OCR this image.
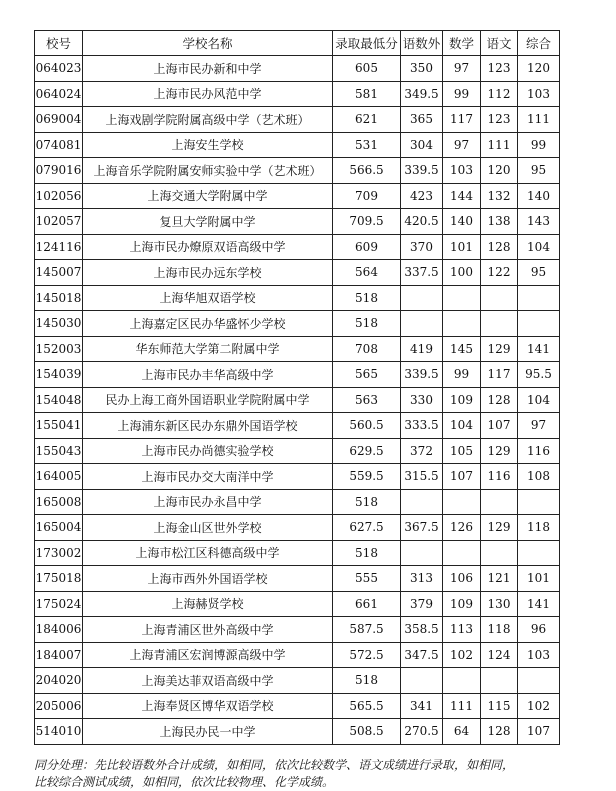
校号	学校名称	录取最低分	语数外	数学	语文	综合
064023	上海市民办新和中学	605	350	97	123	120
064024	上海市民办风范中学	581	349.5	99	112	103
069004	上海戏剧学院附属高级中学（艺术班）	621	365	117	123	111
074081	上海安生学校	531	304	97	111	99
079016	上海音乐学院附属安师实验中学（艺术班）	566.5	339.5	103	120	95
102056	上海交通大学附属中学	709	423	144	132	140
102057	复旦大学附属中学	709.5	420.5	140	138	143
124116	上海市民办燎原双语高级中学	609	370	101	128	104
145007	上海市民办远东学校	564	337.5	100	122	95
145018	上海华旭双语学校	518				
145030	上海嘉定区民办华盛怀少学校	518				
152003	华东师范大学第二附属中学	708	419	145	129	141
154039	上海市民办丰华高级中学	565	339.5	99	117	95.5
154048	民办上海工商外国语职业学院附属中学	563	330	109	128	104
155041	上海浦东新区民办东鼎外国语学校	560.5	333.5	104	107	97
155043	上海市民办尚德实验学校	629.5	372	105	129	116
164005	上海市民办交大南洋中学	559.5	315.5	107	116	108
165008	上海市民办永昌中学	518				
165004	上海金山区世外学校	627.5	367.5	126	129	118
173002	上海市松江区科德高级中学	518				
175018	上海市西外外国语学校	555	313	106	121	101
175024	上海赫贤学校	661	379	109	130	141
184006	上海青浦区世外高级中学	587.5	358.5	113	118	96
184007	上海青浦区宏润博源高级中学	572.5	347.5	102	124	103
204020	上海美达菲双语高级中学	518				
205006	上海奉贤区博华双语学校	565.5	341	111	115	102
514010	上海民办民一中学	508.5	270.5	64	128	107
同分处理：先比较语数外合计成绩，如相同，依次比较数学、语文成绩进行录取，如相同，
比较综合测试成绩，如相同，依次比较物理、化学成绩。
